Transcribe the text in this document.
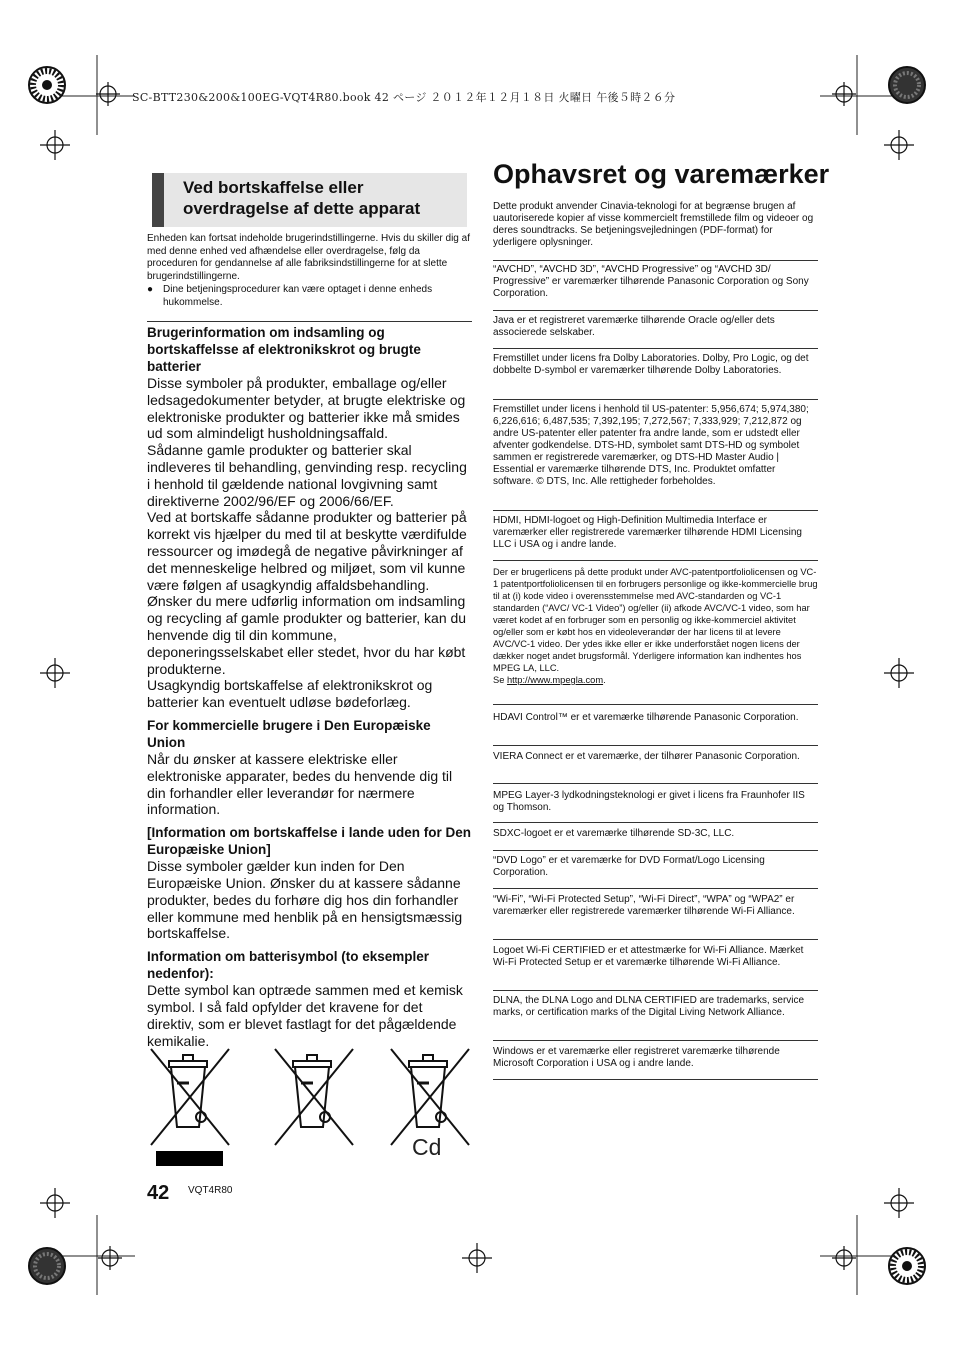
SC-BTT230&200&100EG-VQT4R80.book 42 ページ ２０１２年１２月１８日 火曜日 午後５時２６分
Ved bortskaffelse eller
overdragelse af dette apparat
Enheden kan fortsat indeholde brugerindstillingerne. Hvis du skiller dig af med denne enhed ved afhændelse eller overdragelse, følg da proceduren for gendannelse af alle fabriksindstillingerne for at slette brugerindstillingerne.
● Dine betjeningsprocedurer kan være optaget i denne enheds hukommelse.
Brugerinformation om indsamling og bortskaffelsse af elektronikskrot og brugte batterier
Disse symboler på produkter, emballage og/eller ledsagedokumenter betyder, at brugte elektriske og elektroniske produkter og batterier ikke må smides ud som almindeligt husholdningsaffald.
Sådanne gamle produkter og batterier skal indleveres til behandling, genvinding resp. recycling i henhold til gældende national lovgivning samt direktiverne 2002/96/EF og 2006/66/EF.
Ved at bortskaffe sådanne produkter og batterier på korrekt vis hjælper du med til at beskytte værdifulde ressourcer og imødegå de negative påvirkninger af det menneskelige helbred og miljøet, som vil kunne være følgen af usagkyndig affaldsbehandling.
Ønsker du mere udførlig information om indsamling og recycling af gamle produkter og batterier, kan du henvende dig til din kommune, deponeringsselskabet eller stedet, hvor du har købt produkterne.
Usagkyndig bortskaffelse af elektronikskrot og batterier kan eventuelt udløse bødeforlæg.
For kommercielle brugere i Den Europæiske Union
Når du ønsker at kassere elektriske eller elektroniske apparater, bedes du henvende dig til din forhandler eller leverandør for nærmere information.
[Information om bortskaffelse i lande uden for Den Europæiske Union]
Disse symboler gælder kun inden for Den Europæiske Union. Ønsker du at kassere sådanne produkter, bedes du forhøre dig hos din forhandler eller kommune med henblik på en hensigtsmæssig bortskaffelse.
Information om batterisymbol (to eksempler nedenfor):
Dette symbol kan optræde sammen med et kemisk symbol. I så fald opfylder det kravene for det direktiv, som er blevet fastlagt for det pågældende kemikalie.
Cd
Ophavsret og varemærker
Dette produkt anvender Cinavia-teknologi for at begrænse brugen af uautoriserede kopier af visse kommercielt fremstillede film og videoer og deres soundtracks. Se betjeningsvejledningen (PDF-format) for yderligere oplysninger.
“AVCHD”, “AVCHD 3D”, “AVCHD Progressive” og “AVCHD 3D/ Progressive” er varemærker tilhørende Panasonic Corporation og Sony Corporation.
Java er et registreret varemærke tilhørende Oracle og/eller dets associerede selskaber.
Fremstillet under licens fra Dolby Laboratories. Dolby, Pro Logic, og det dobbelte D-symbol er varemærker tilhørende Dolby Laboratories.
Fremstillet under licens i henhold til US-patenter: 5,956,674; 5,974,380; 6,226,616; 6,487,535; 7,392,195; 7,272,567; 7,333,929; 7,212,872 og andre US-patenter eller patenter fra andre lande, som er udstedt eller afventer godkendelse. DTS-HD, symbolet samt DTS-HD og symbolet sammen er registrerede varemærker, og DTS-HD Master Audio | Essential er varemærke tilhørende DTS, Inc. Produktet omfatter software. © DTS, Inc. Alle rettigheder forbeholdes.
HDMI, HDMI-logoet og High-Definition Multimedia Interface er varemærker eller registrerede varemærker tilhørende HDMI Licensing LLC i USA og i andre lande.
Der er brugerlicens på dette produkt under AVC-patentportfoliolicensen og VC-1 patentportfoliolicensen til en forbrugers personlige og ikke-kommercielle brug til at (i) kode video i overensstemmelse med AVC-standarden og VC-1 standarden (“AVC/ VC-1 Video”) og/eller (ii) afkode AVC/VC-1 video, som har været kodet af en forbruger som en personlig og ikke-kommerciel aktivitet og/eller som er købt hos en videoleverandør der har licens til at levere AVC/VC-1 video. Der ydes ikke eller er ikke underforstået nogen licens der dækker noget andet brugsformål. Yderligere information kan indhentes hos MPEG LA, LLC.
Se http://www.mpegla.com.
HDAVI Control™ er et varemærke tilhørende Panasonic Corporation.
VIERA Connect er et varemærke, der tilhører Panasonic Corporation.
MPEG Layer-3 lydkodningsteknologi er givet i licens fra Fraunhofer IIS og Thomson.
SDXC-logoet er et varemærke tilhørende SD-3C, LLC.
“DVD Logo” er et varemærke for DVD Format/Logo Licensing Corporation.
“Wi-Fi”, “Wi-Fi Protected Setup”, “Wi-Fi Direct”, “WPA” og “WPA2” er varemærker eller registrerede varemærker tilhørende Wi-Fi Alliance.
Logoet Wi-Fi CERTIFIED er et attestmærke for Wi-Fi Alliance. Mærket Wi-Fi Protected Setup er et varemærke tilhørende Wi-Fi Alliance.
DLNA, the DLNA Logo and DLNA CERTIFIED are trademarks, service marks, or certification marks of the Digital Living Network Alliance.
Windows er et varemærke eller registreret varemærke tilhørende Microsoft Corporation i USA og i andre lande.
42 VQT4R80
